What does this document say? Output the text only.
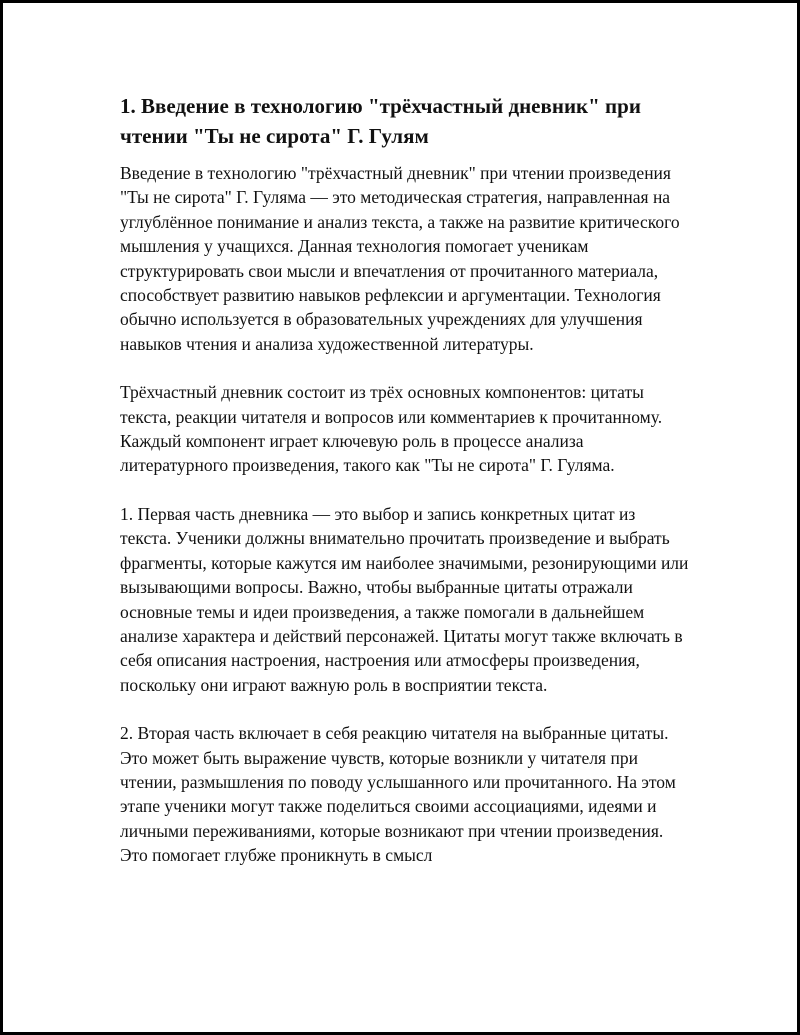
1. Введение в технологию "трёхчастный дневник" при чтении "Ты не сирота" Г. Гулям

Введение в технологию "трёхчастный дневник" при чтении произведения "Ты не сирота" Г. Гуляма — это методическая стратегия, направленная на углублённое понимание и анализ текста, а также на развитие критического мышления у учащихся. Данная технология помогает ученикам структурировать свои мысли и впечатления от прочитанного материала, способствует развитию навыков рефлексии и аргументации. Технология обычно используется в образовательных учреждениях для улучшения навыков чтения и анализа художественной литературы.

Трёхчастный дневник состоит из трёх основных компонентов: цитаты текста, реакции читателя и вопросов или комментариев к прочитанному. Каждый компонент играет ключевую роль в процессе анализа литературного произведения, такого как "Ты не сирота" Г. Гуляма.

1. Первая часть дневника — это выбор и запись конкретных цитат из текста. Ученики должны внимательно прочитать произведение и выбрать фрагменты, которые кажутся им наиболее значимыми, резонирующими или вызывающими вопросы. Важно, чтобы выбранные цитаты отражали основные темы и идеи произведения, а также помогали в дальнейшем анализе характера и действий персонажей. Цитаты могут также включать в себя описания настроения, настроения или атмосферы произведения, поскольку они играют важную роль в восприятии текста.

2. Вторая часть включает в себя реакцию читателя на выбранные цитаты. Это может быть выражение чувств, которые возникли у читателя при чтении, размышления по поводу услышанного или прочитанного. На этом этапе ученики могут также поделиться своими ассоциациями, идеями и личными переживаниями, которые возникают при чтении произведения. Это помогает глубже проникнуть в смысл
